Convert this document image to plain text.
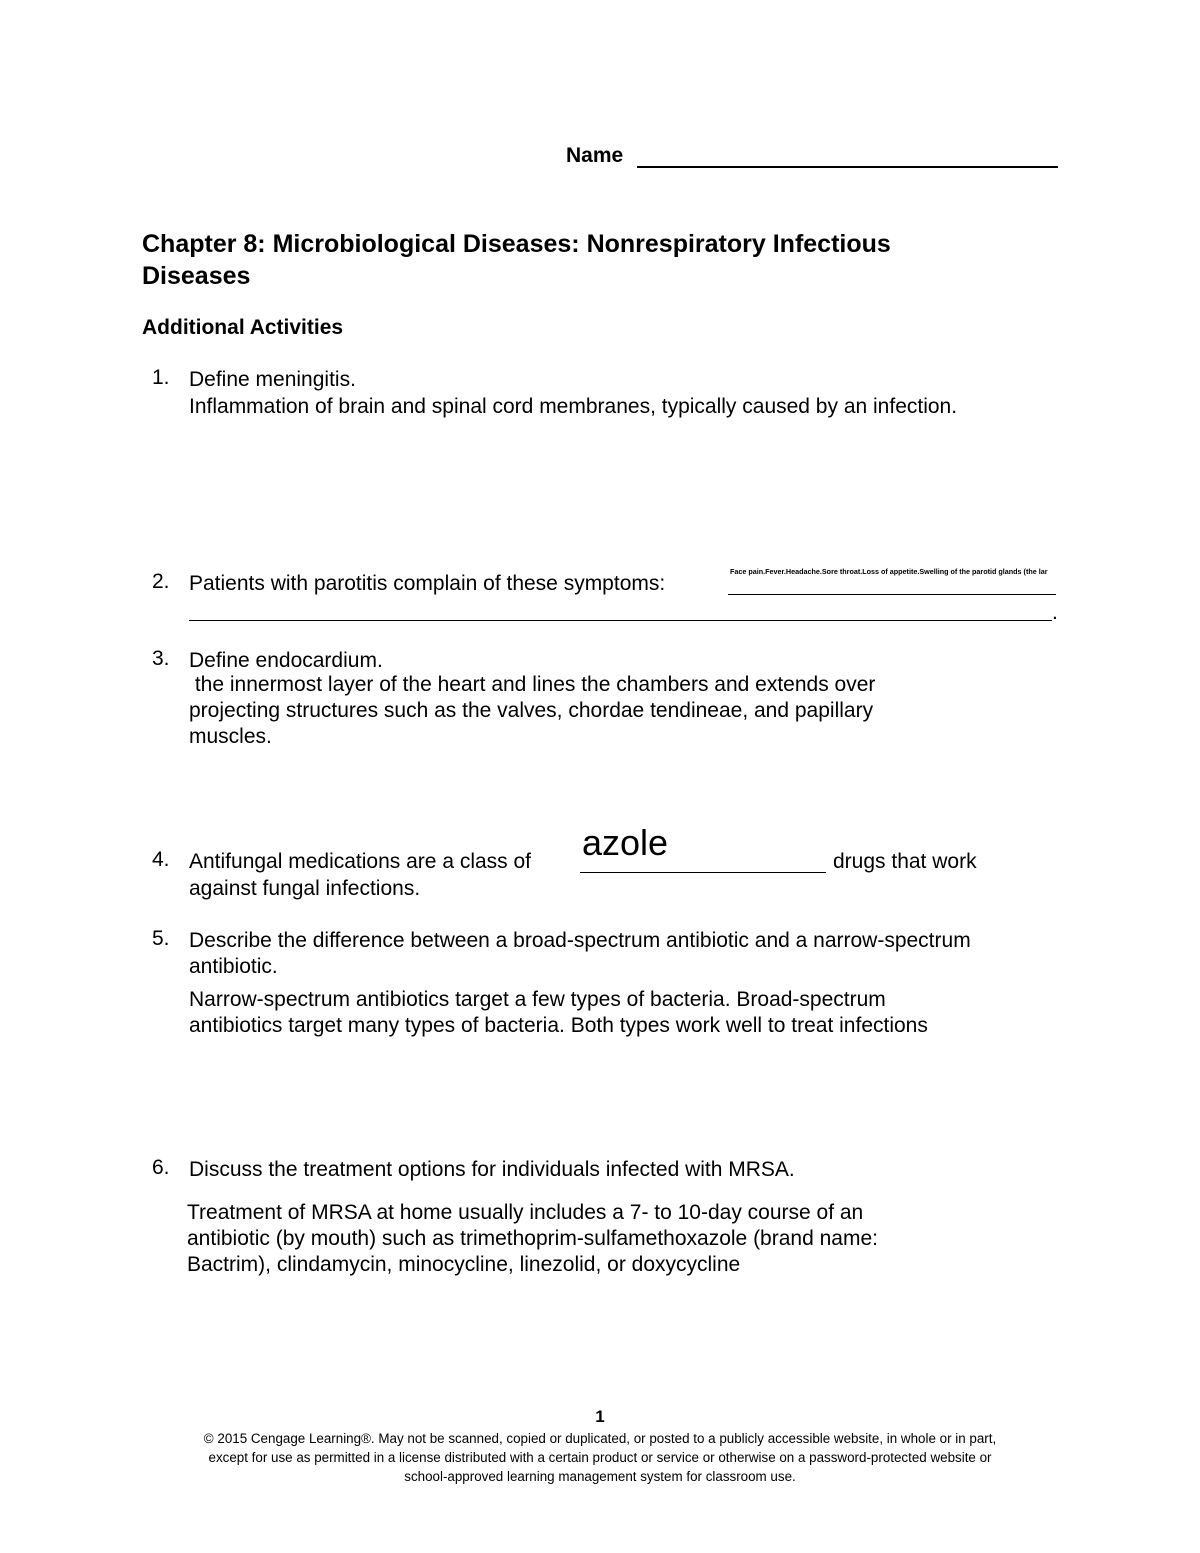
Name
Chapter 8: Microbiological Diseases: Nonrespiratory Infectious
Diseases
Additional Activities
1. Define meningitis.
Inflammation of brain and spinal cord membranes, typically caused by an infection.
2. Patients with parotitis complain of these symptoms:
Face pain.Fever.Headache.Sore throat.Loss of appetite.Swelling of the parotid glands (the lar
.
3. Define endocardium.
the innermost layer of the heart and lines the chambers and extends over
projecting structures such as the valves, chordae tendineae, and papillary
muscles.
4. Antifungal medications are a class of azole	drugs that work
against fungal infections.
5. Describe the difference between a broad-spectrum antibiotic and a narrow-spectrum
antibiotic.
Narrow-spectrum antibiotics target a few types of bacteria. Broad-spectrum
antibiotics target many types of bacteria. Both types work well to treat infections
6. Discuss the treatment options for individuals infected with MRSA.
Treatment of MRSA at home usually includes a 7- to 10-day course of an
antibiotic (by mouth) such as trimethoprim-sulfamethoxazole (brand name:
Bactrim), clindamycin, minocycline, linezolid, or doxycycline
1
© 2015 Cengage Learning®. May not be scanned, copied or duplicated, or posted to a publicly accessible website, in whole or in part,
except for use as permitted in a license distributed with a certain product or service or otherwise on a password-protected website or
school-approved learning management system for classroom use.
